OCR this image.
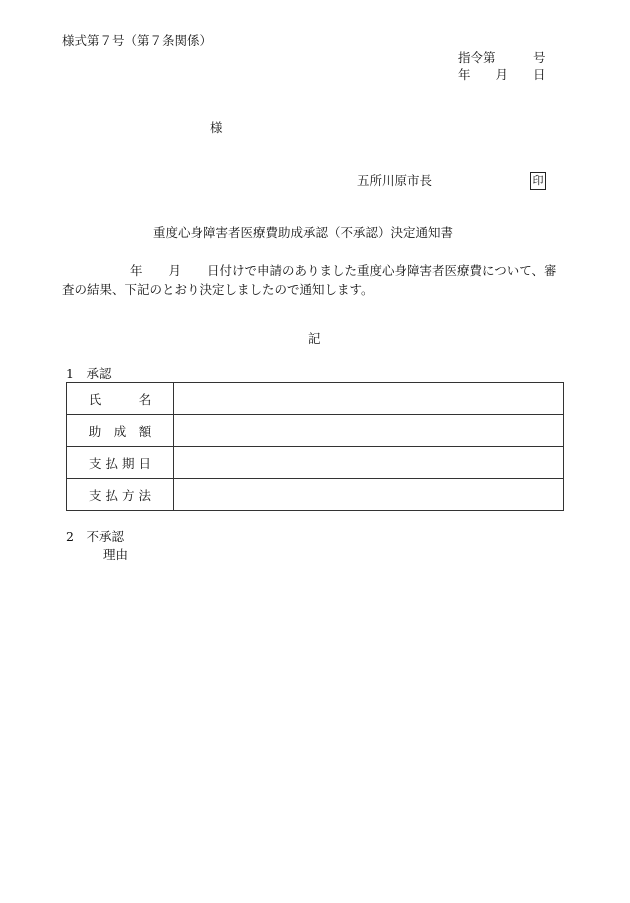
様式第７号（第７条関係）
指令第　　　号
年　　月　　日
様
五所川原市長	印
重度心身障害者医療費助成承認（不承認）決定通知書
年 月 日付けで申請のありました重度心身障害者医療費について、審査の結果、下記のとおり決定しましたので通知します。
記
1　承認
氏　　　名	
助　成　額	
支 払 期 日	
支 払 方 法	
2　不承認
理由
